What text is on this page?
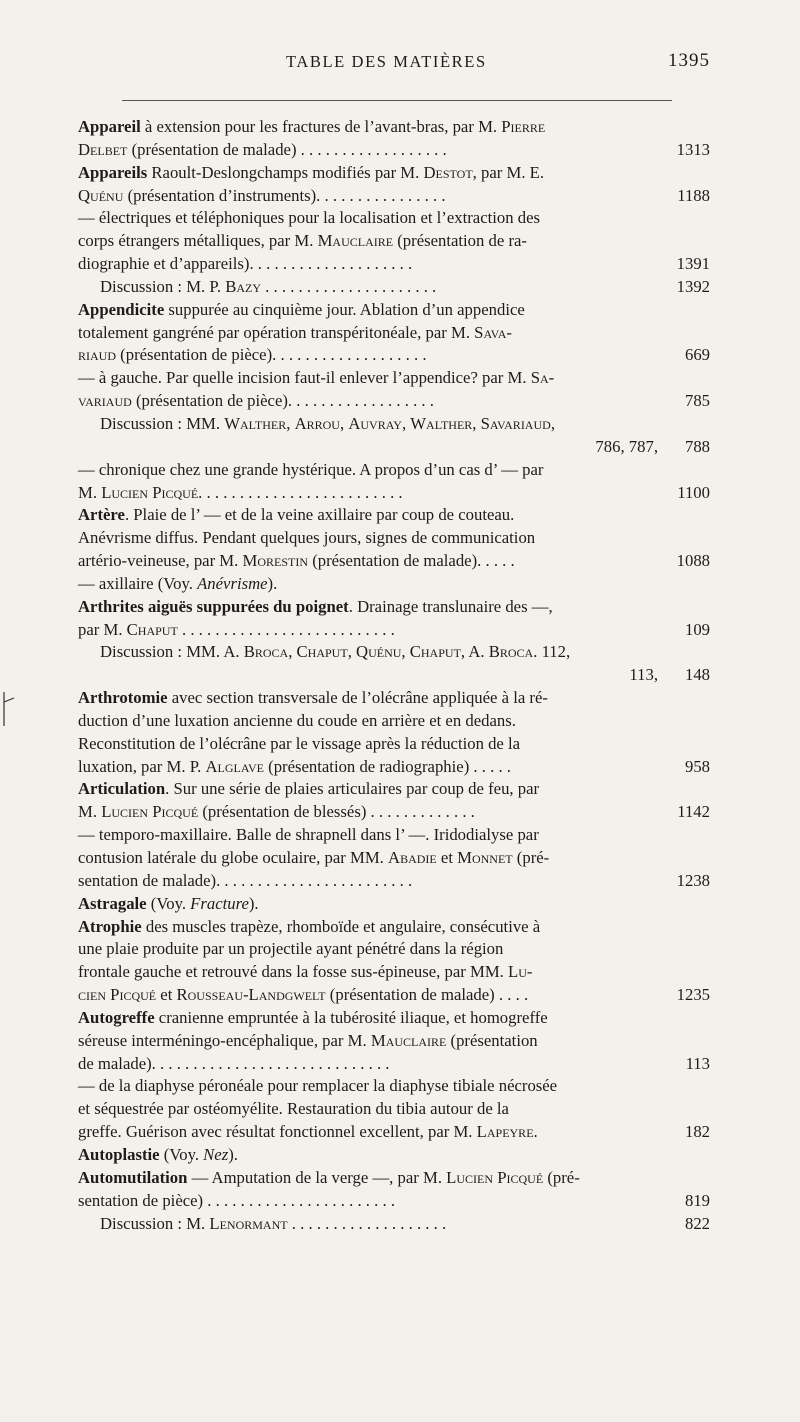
TABLE DES MATIÈRES	1395
Appareil à extension pour les fractures de l’avant-bras, par M. Pierre
Delbet (présentation de malade) . . . . . . . . . . . . . . . . . .	1313
Appareils Raoult-Deslongchamps modifiés par M. Destot, par M. E.
Quénu (présentation d’instruments). . . . . . . . . . . . . . . .	1188
— électriques et téléphoniques pour la localisation et l’extraction des
corps étrangers métalliques, par M. Mauclaire (présentation de ra-
diographie et d’appareils). . . . . . . . . . . . . . . . . . . .	1391
Discussion : M. P. Bazy . . . . . . . . . . . . . . . . . . . . .	1392
Appendicite suppurée au cinquième jour. Ablation d’un appendice
totalement gangréné par opération transpéritonéale, par M. Sava-
riaud (présentation de pièce). . . . . . . . . . . . . . . . . . .	669
— à gauche. Par quelle incision faut-il enlever l’appendice? par M. Sa-
variaud (présentation de pièce). . . . . . . . . . . . . . . . . .	785
Discussion : MM. Walther, Arrou, Auvray, Walther, Savariaud,
786, 787, 788
— chronique chez une grande hystérique. A propos d’un cas d’ — par
M. Lucien Picqué. . . . . . . . . . . . . . . . . . . . . . . . .	1100
Artère. Plaie de l’ — et de la veine axillaire par coup de couteau.
Anévrisme diffus. Pendant quelques jours, signes de communication
artério-veineuse, par M. Morestin (présentation de malade). . . . .	1088
— axillaire (Voy. Anévrisme).
Arthrites aiguës suppurées du poignet. Drainage translunaire des —,
par M. Chaput . . . . . . . . . . . . . . . . . . . . . . . . . .	109
Discussion : MM. A. Broca, Chaput, Quénu, Chaput, A. Broca. 112,
113, 148
Arthrotomie avec section transversale de l’olécrâne appliquée à la ré-
duction d’une luxation ancienne du coude en arrière et en dedans.
Reconstitution de l’olécrâne par le vissage après la réduction de la
luxation, par M. P. Alglave (présentation de radiographie) . . . . .	958
Articulation. Sur une série de plaies articulaires par coup de feu, par
M. Lucien Picqué (présentation de blessés) . . . . . . . . . . . . .	1142
— temporo-maxillaire. Balle de shrapnell dans l’ —. Iridodialyse par
contusion latérale du globe oculaire, par MM. Abadie et Monnet (pré-
sentation de malade). . . . . . . . . . . . . . . . . . . . . . . .	1238
Astragale (Voy. Fracture).
Atrophie des muscles trapèze, rhomboïde et angulaire, consécutive à
une plaie produite par un projectile ayant pénétré dans la région
frontale gauche et retrouvé dans la fosse sus-épineuse, par MM. Lu-
cien Picqué et Rousseau-Landgwelt (présentation de malade) . . . .	1235
Autogreffe cranienne empruntée à la tubérosité iliaque, et homogreffe
séreuse interméningo-encéphalique, par M. Mauclaire (présentation
de malade). . . . . . . . . . . . . . . . . . . . . . . . . . . . .	113
— de la diaphyse péronéale pour remplacer la diaphyse tibiale nécrosée
et séquestrée par ostéomyélite. Restauration du tibia autour de la
greffe. Guérison avec résultat fonctionnel excellent, par M. Lapeyre.	182
Autoplastie (Voy. Nez).
Automutilation — Amputation de la verge —, par M. Lucien Picqué (pré-
sentation de pièce) . . . . . . . . . . . . . . . . . . . . . . .	819
Discussion : M. Lenormant . . . . . . . . . . . . . . . . . . .	822
